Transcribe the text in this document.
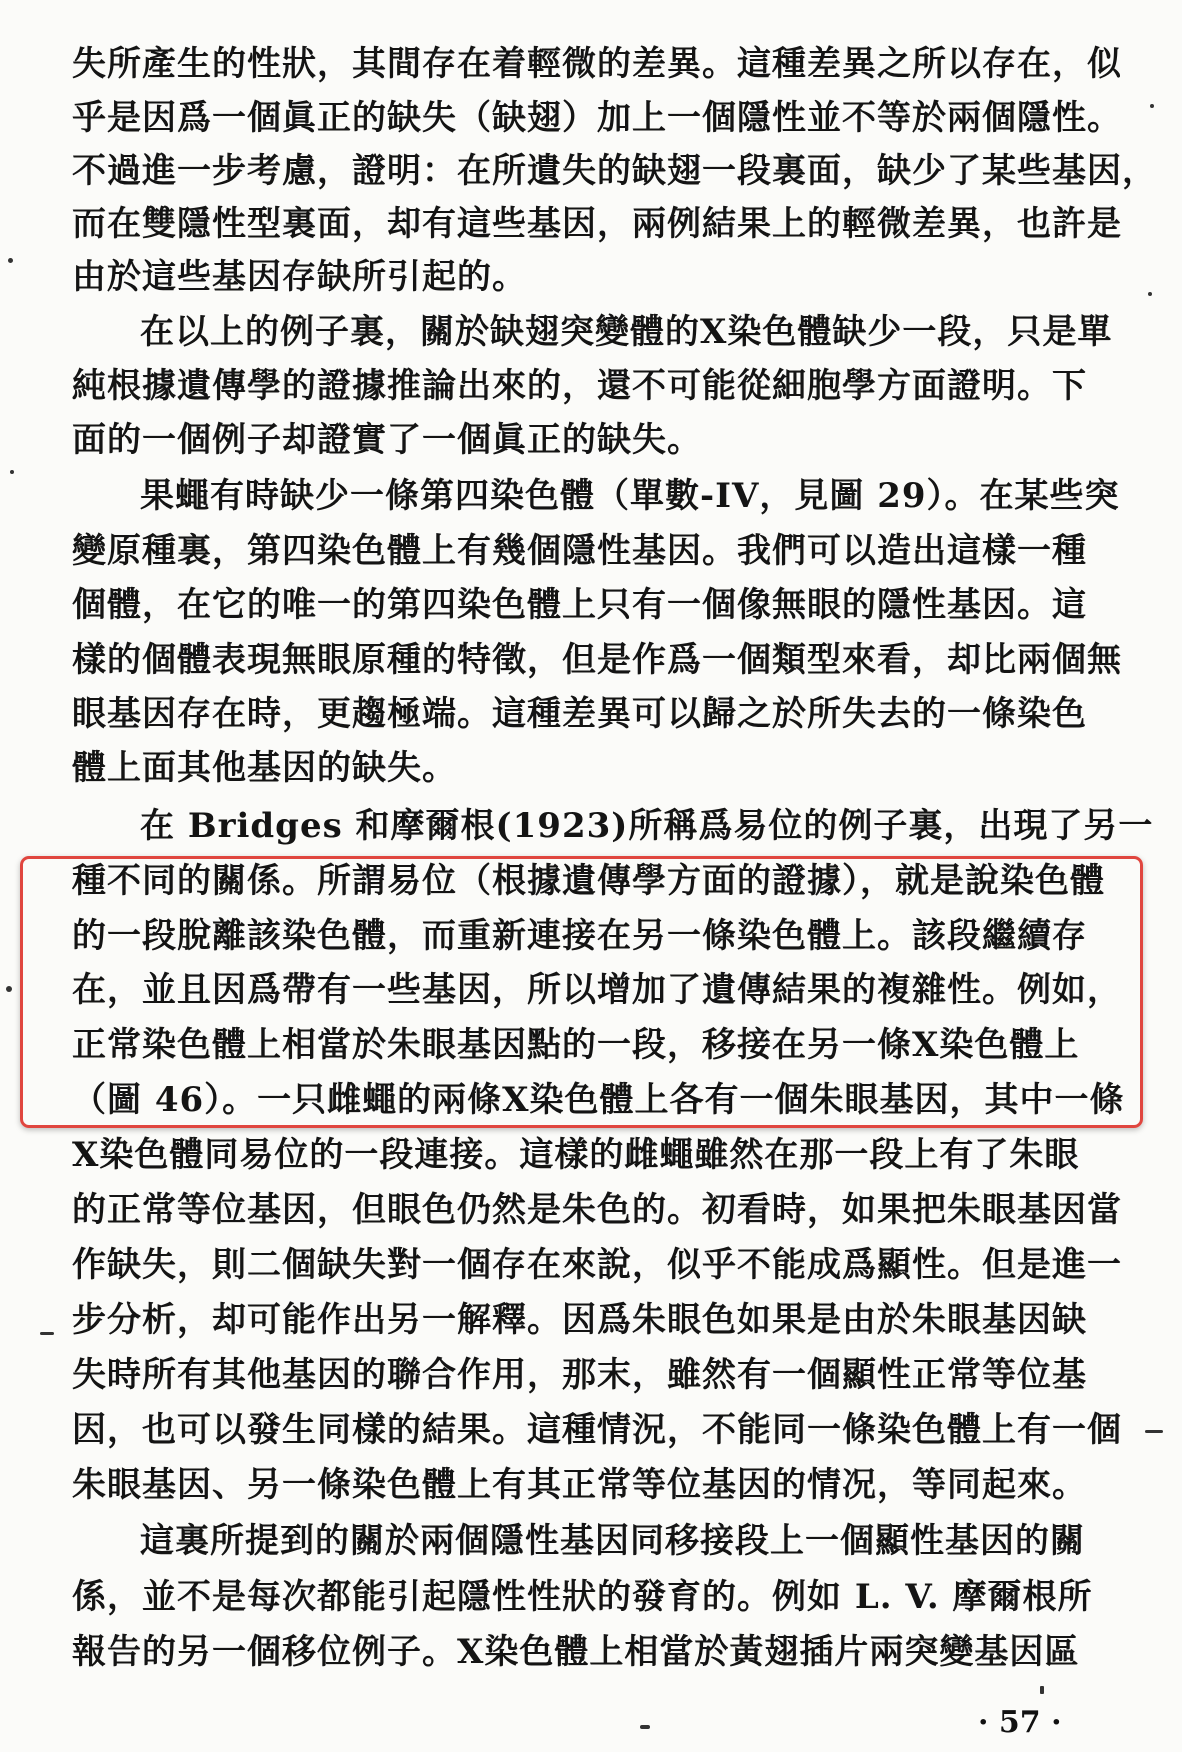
失所產生的性狀，其間存在着輕微的差異。這種差異之所以存在，似
乎是因爲一個眞正的缺失（缺翅）加上一個隱性並不等於兩個隱性。
不過進一步考慮，證明：在所遺失的缺翅一段裏面，缺少了某些基因，
而在雙隱性型裏面，却有這些基因，兩例結果上的輕微差異，也許是
由於這些基因存缺所引起的。
在以上的例子裏，關於缺翅突變體的X染色體缺少一段，只是單
純根據遺傳學的證據推論出來的，還不可能從細胞學方面證明。下
面的一個例子却證實了一個眞正的缺失。
果蠅有時缺少一條第四染色體（單數-IV，見圖 29）。在某些突
變原種裏，第四染色體上有幾個隱性基因。我們可以造出這樣一種
個體，在它的唯一的第四染色體上只有一個像無眼的隱性基因。這
樣的個體表現無眼原種的特徵，但是作爲一個類型來看，却比兩個無
眼基因存在時，更趨極端。這種差異可以歸之於所失去的一條染色
體上面其他基因的缺失。
在 Bridges 和摩爾根(1923)所稱爲易位的例子裏，出現了另一
種不同的關係。所謂易位（根據遺傳學方面的證據），就是說染色體
的一段脫離該染色體，而重新連接在另一條染色體上。該段繼續存
在，並且因爲帶有一些基因，所以增加了遺傳結果的複雜性。例如，
正常染色體上相當於朱眼基因點的一段，移接在另一條X染色體上
（圖 46）。一只雌蠅的兩條X染色體上各有一個朱眼基因，其中一條
X染色體同易位的一段連接。這樣的雌蠅雖然在那一段上有了朱眼
的正常等位基因，但眼色仍然是朱色的。初看時，如果把朱眼基因當
作缺失，則二個缺失對一個存在來說，似乎不能成爲顯性。但是進一
步分析，却可能作出另一解釋。因爲朱眼色如果是由於朱眼基因缺
失時所有其他基因的聯合作用，那末，雖然有一個顯性正常等位基
因，也可以發生同樣的結果。這種情況，不能同一條染色體上有一個
朱眼基因、另一條染色體上有其正常等位基因的情况，等同起來。
這裏所提到的關於兩個隱性基因同移接段上一個顯性基因的關
係，並不是每次都能引起隱性性狀的發育的。例如 L. V. 摩爾根所
報告的另一個移位例子。X染色體上相當於黃翅插片兩突變基因區
· 57 ·
